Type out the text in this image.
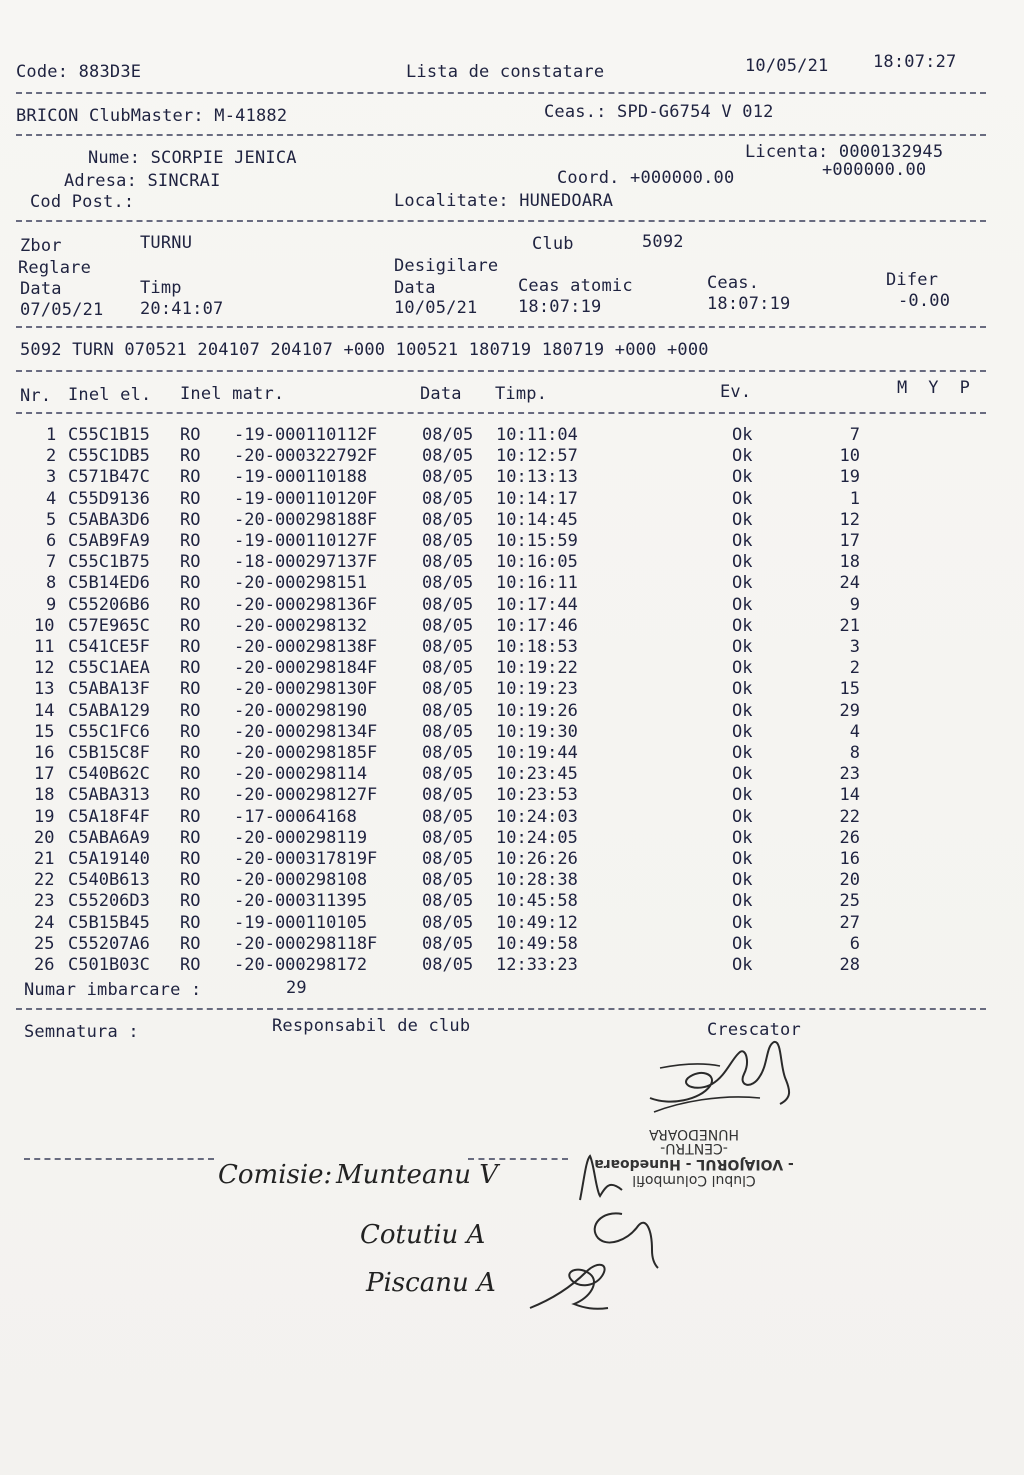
Code: 883D3E	Lista de constatare	10/05/21	18:07:27
BRICON ClubMaster: M-41882	Ceas.: SPD-G6754 V 012
Nume: SCORPIE JENICA	Licenta: 0000132945
Adresa: SINCRAI	Coord. +000000.00	+000000.00
Cod Post.:	Localitate: HUNEDOARA
Zbor	TURNU	Club	5092
Reglare	Desigilare
Data	Timp	Data	Ceas atomic	Ceas.	Difer
07/05/21 20:41:07	10/05/21 18:07:19	18:07:19	-0.00
5092 TURN 070521 204107 204107 +000 100521 180719 180719 +000 +000
Nr. Inel el. Inel matr.	Data Timp.	Ev.	M  Y  P
1 C55C1B15 RO -19-000110112F	08/05 10:11:04	Ok	7
2 C55C1DB5 RO -20-000322792F	08/05 10:12:57	Ok	10
3 C571B47C RO -19-000110188	08/05 10:13:13	Ok	19
4 C55D9136 RO -19-000110120F	08/05 10:14:17	Ok	1
5 C5ABA3D6 RO -20-000298188F	08/05 10:14:45	Ok	12
6 C5AB9FA9 RO -19-000110127F	08/05 10:15:59	Ok	17
7 C55C1B75 RO -18-000297137F	08/05 10:16:05	Ok	18
8 C5B14ED6 RO -20-000298151	08/05 10:16:11	Ok	24
9 C55206B6 RO -20-000298136F	08/05 10:17:44	Ok	9
10 C57E965C RO -20-000298132	08/05 10:17:46	Ok	21
11 C541CE5F RO -20-000298138F	08/05 10:18:53	Ok	3
12 C55C1AEA RO -20-000298184F	08/05 10:19:22	Ok	2
13 C5ABA13F RO -20-000298130F	08/05 10:19:23	Ok	15
14 C5ABA129 RO -20-000298190	08/05 10:19:26	Ok	29
15 C55C1FC6 RO -20-000298134F	08/05 10:19:30	Ok	4
16 C5B15C8F RO -20-000298185F	08/05 10:19:44	Ok	8
17 C540B62C RO -20-000298114	08/05 10:23:45	Ok	23
18 C5ABA313 RO -20-000298127F	08/05 10:23:53	Ok	14
19 C5A18F4F RO -17-00064168	08/05 10:24:03	Ok	22
20 C5ABA6A9 RO -20-000298119	08/05 10:24:05	Ok	26
21 C5A19140 RO -20-000317819F	08/05 10:26:26	Ok	16
22 C540B613 RO -20-000298108	08/05 10:28:38	Ok	20
23 C55206D3 RO -20-000311395	08/05 10:45:58	Ok	25
24 C5B15B45 RO -19-000110105	08/05 10:49:12	Ok	27
25 C55207A6 RO -20-000298118F	08/05 10:49:58	Ok	6
26 C501B03C RO -20-000298172	08/05 12:33:23	Ok	28
Numar imbarcare :	29
Semnatura :	Responsabil de club	Crescator
Clubul Columbofil
- VOIAJORUL - Hunedoara
-CENTRU-
HUNEDOARA
Comisie: Munteanu V
Cotutiu A
Piscanu A
